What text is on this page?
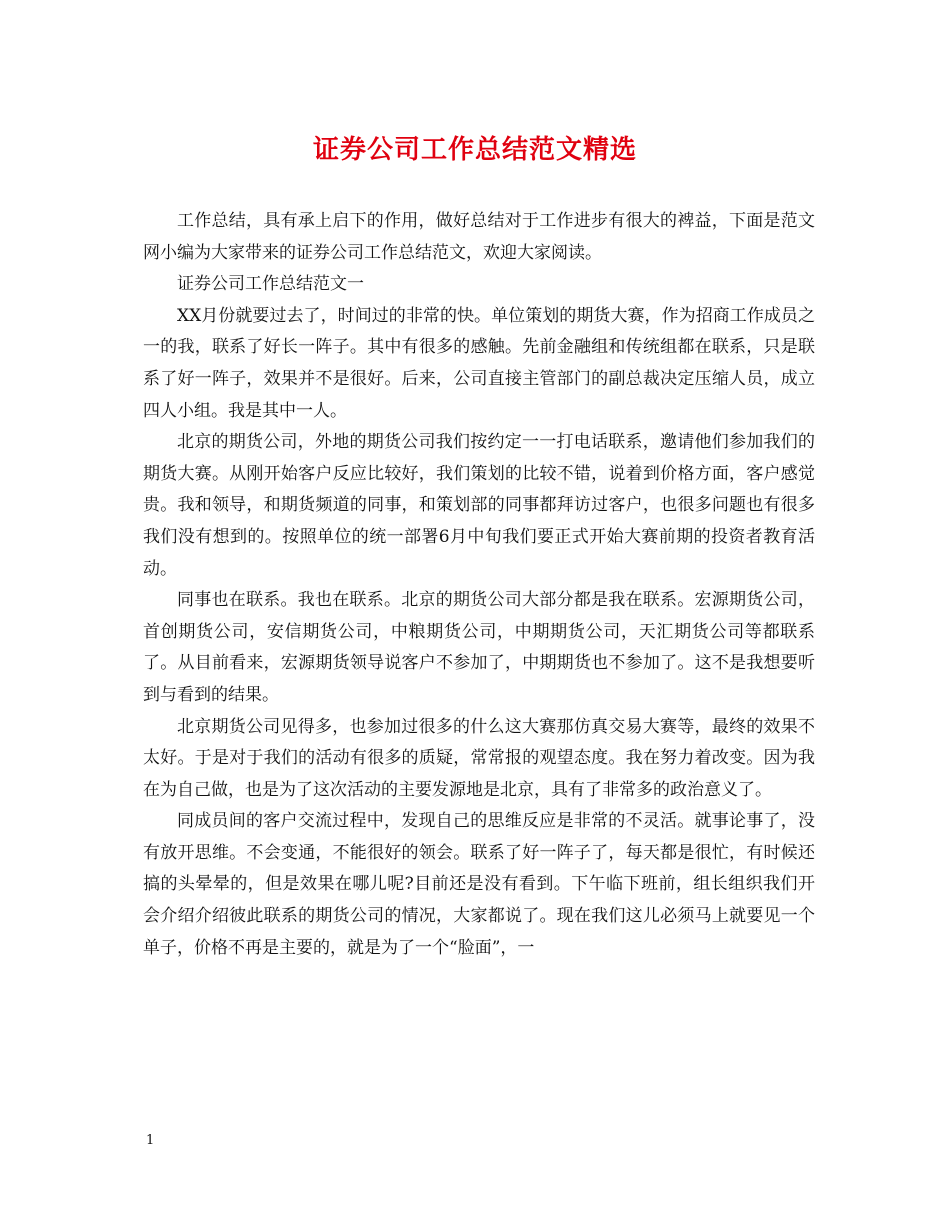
证券公司工作总结范文精选

工作总结，具有承上启下的作用，做好总结对于工作进步有很大的裨益，下面是范文网小编为大家带来的证券公司工作总结范文，欢迎大家阅读。

证券公司工作总结范文一

XX月份就要过去了，时间过的非常的快。单位策划的期货大赛，作为招商工作成员之一的我，联系了好长一阵子。其中有很多的感触。先前金融组和传统组都在联系，只是联系了好一阵子，效果并不是很好。后来，公司直接主管部门的副总裁决定压缩人员，成立四人小组。我是其中一人。

北京的期货公司，外地的期货公司我们按约定一一打电话联系，邀请他们参加我们的期货大赛。从刚开始客户反应比较好，我们策划的比较不错，说着到价格方面，客户感觉贵。我和领导，和期货频道的同事，和策划部的同事都拜访过客户，也很多问题也有很多我们没有想到的。按照单位的统一部署6月中旬我们要正式开始大赛前期的投资者教育活动。

同事也在联系。我也在联系。北京的期货公司大部分都是我在联系。宏源期货公司，首创期货公司，安信期货公司，中粮期货公司，中期期货公司，天汇期货公司等都联系了。从目前看来，宏源期货领导说客户不参加了，中期期货也不参加了。这不是我想要听到与看到的结果。

北京期货公司见得多，也参加过很多的什么这大赛那仿真交易大赛等，最终的效果不太好。于是对于我们的活动有很多的质疑，常常报的观望态度。我在努力着改变。因为我在为自己做，也是为了这次活动的主要发源地是北京，具有了非常多的政治意义了。

同成员间的客户交流过程中，发现自己的思维反应是非常的不灵活。就事论事了，没有放开思维。不会变通，不能很好的领会。联系了好一阵子了，每天都是很忙，有时候还搞的头晕晕的，但是效果在哪儿呢?目前还是没有看到。下午临下班前，组长组织我们开会介绍介绍彼此联系的期货公司的情况，大家都说了。现在我们这儿必须马上就要见一个单子，价格不再是主要的，就是为了一个“脸面”，一

1
